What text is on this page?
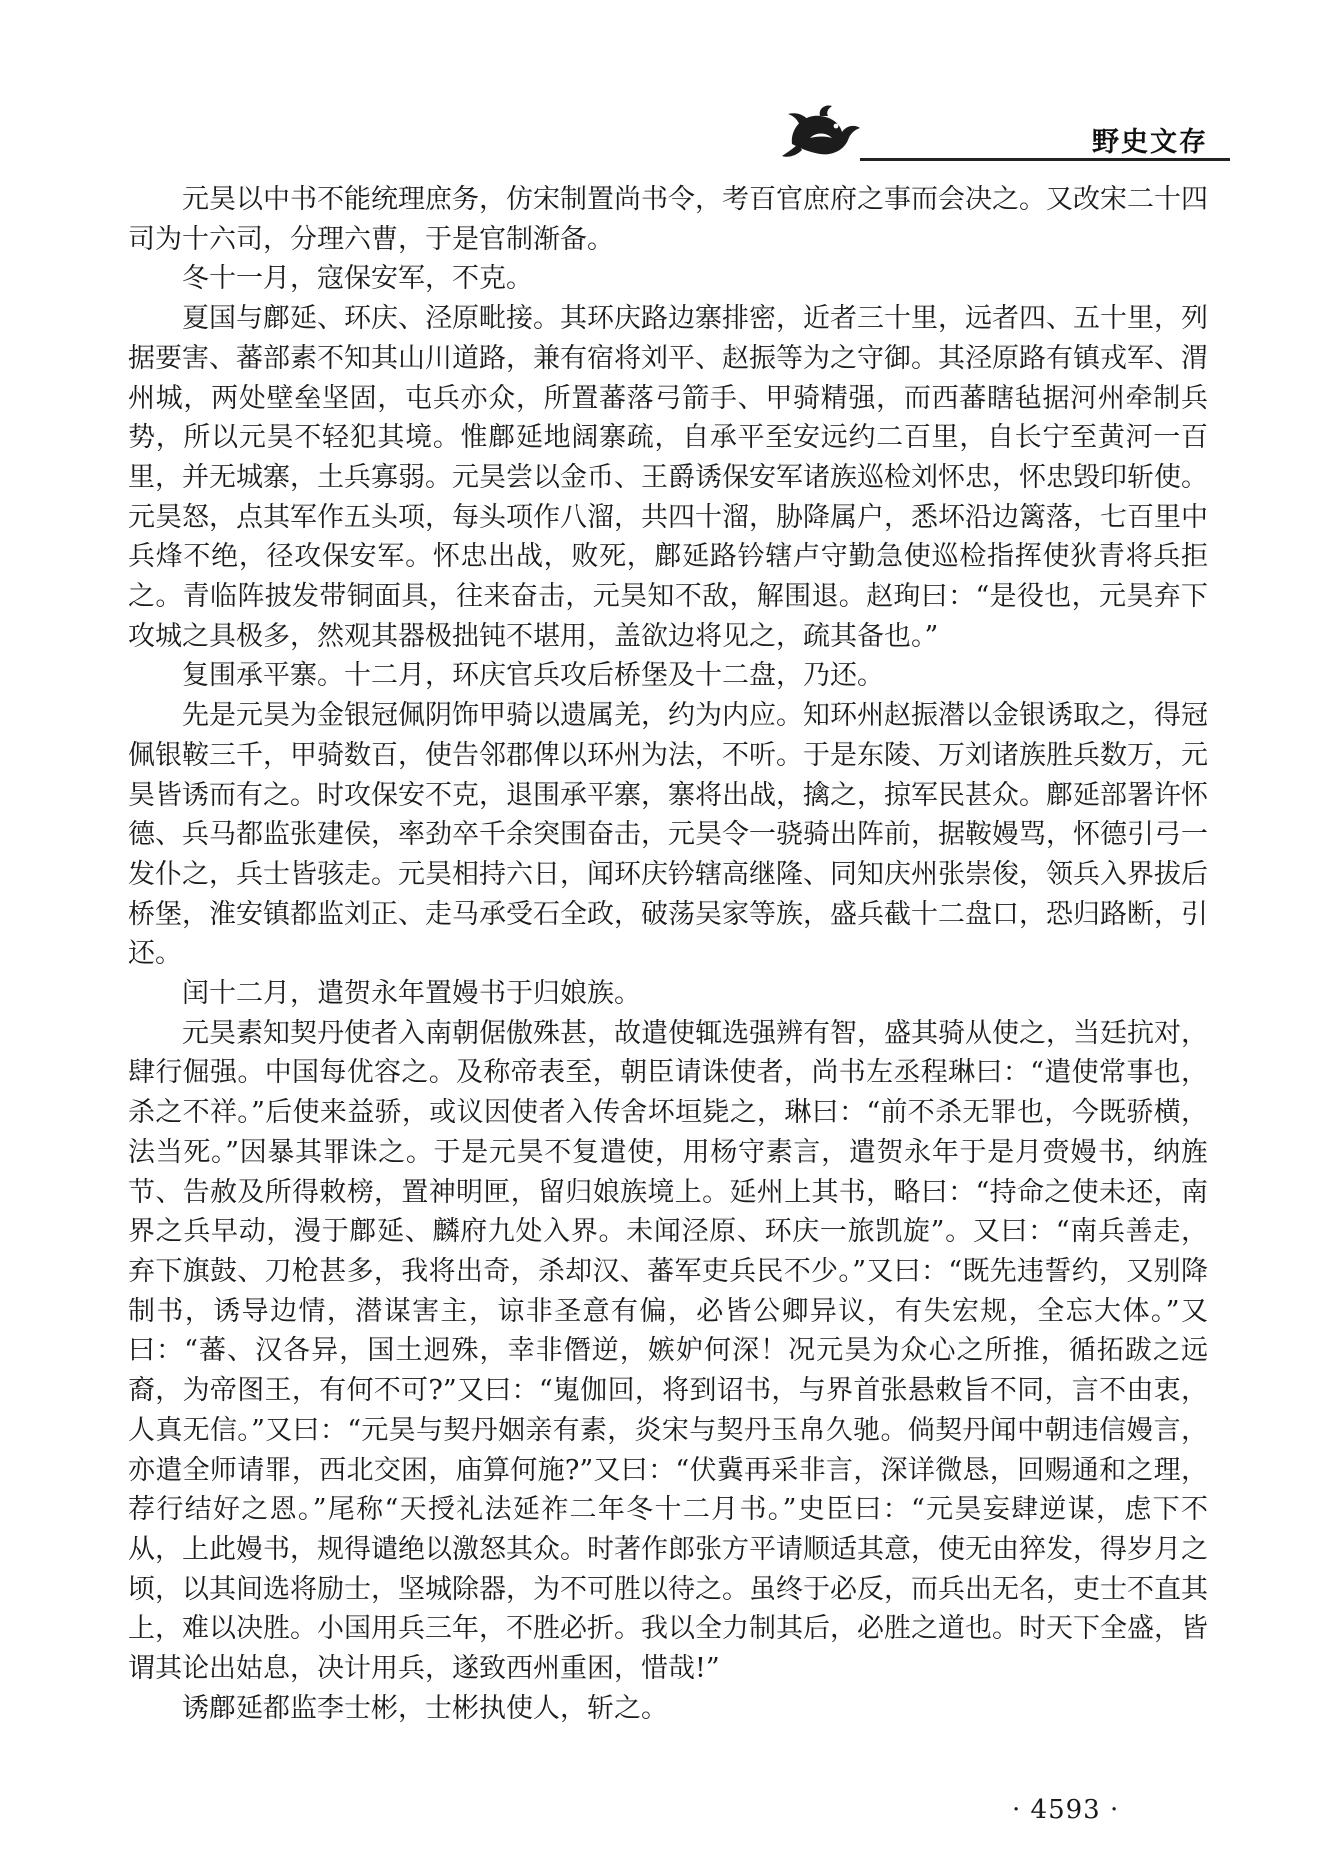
野史文存

元昊以中书不能统理庶务，仿宋制置尚书令，考百官庶府之事而会决之。又改宋二十四司为十六司，分理六曹，于是官制渐备。

冬十一月，寇保安军，不克。

夏国与鄜延、环庆、泾原毗接。其环庆路边寨排密，近者三十里，远者四、五十里，列据要害、蕃部素不知其山川道路，兼有宿将刘平、赵振等为之守御。其泾原路有镇戎军、渭州城，两处壁垒坚固，屯兵亦众，所置蕃落弓箭手、甲骑精强，而西蕃瞎毡据河州牵制兵势，所以元昊不轻犯其境。惟鄜延地阔寨疏，自承平至安远约二百里，自长宁至黄河一百里，并无城寨，土兵寡弱。元昊尝以金币、王爵诱保安军诸族巡检刘怀忠，怀忠毁印斩使。元昊怒，点其军作五头项，每头项作八溜，共四十溜，胁降属户，悉坏沿边篱落，七百里中兵烽不绝，径攻保安军。怀忠出战，败死，鄜延路钤辖卢守勤急使巡检指挥使狄青将兵拒之。青临阵披发带铜面具，往来奋击，元昊知不敌，解围退。赵珣曰：“是役也，元昊弃下攻城之具极多，然观其器极拙钝不堪用，盖欲边将见之，疏其备也。”

复围承平寨。十二月，环庆官兵攻后桥堡及十二盘，乃还。

先是元昊为金银冠佩阴饰甲骑以遗属羌，约为内应。知环州赵振潜以金银诱取之，得冠佩银鞍三千，甲骑数百，使告邻郡俾以环州为法，不听。于是东陵、万刘诸族胜兵数万，元昊皆诱而有之。时攻保安不克，退围承平寨，寨将出战，擒之，掠军民甚众。鄜延部署许怀德、兵马都监张建侯，率劲卒千余突围奋击，元昊令一骁骑出阵前，据鞍嫚骂，怀德引弓一发仆之，兵士皆骇走。元昊相持六日，闻环庆钤辖高继隆、同知庆州张崇俊，领兵入界拔后桥堡，淮安镇都监刘正、走马承受石全政，破荡吴家等族，盛兵截十二盘口，恐归路断，引还。

闰十二月，遣贺永年置嫚书于归娘族。

元昊素知契丹使者入南朝倨傲殊甚，故遣使辄选强辨有智，盛其骑从使之，当廷抗对，肆行倔强。中国每优容之。及称帝表至，朝臣请诛使者，尚书左丞程琳曰：“遣使常事也，杀之不祥。”后使来益骄，或议因使者入传舍坏垣毙之，琳曰：“前不杀无罪也，今既骄横，法当死。”因暴其罪诛之。于是元昊不复遣使，用杨守素言，遣贺永年于是月赍嫚书，纳旌节、告赦及所得敕榜，置神明匣，留归娘族境上。延州上其书，略曰：“持命之使未还，南界之兵早动，漫于鄜延、麟府九处入界。未闻泾原、环庆一旅凯旋”。又曰：“南兵善走，弃下旗鼓、刀枪甚多，我将出奇，杀却汉、蕃军吏兵民不少。”又曰：“既先违誓约，又别降制书，诱导边情，潜谋害主，谅非圣意有偏，必皆公卿异议，有失宏规，全忘大体。”又曰：“蕃、汉各异，国土迥殊，幸非僭逆，嫉妒何深！况元昊为众心之所推，循拓跋之远裔，为帝图王，有何不可?”又曰：“嵬伽回，将到诏书，与界首张悬敕旨不同，言不由衷，人真无信。”又曰：“元昊与契丹姻亲有素，炎宋与契丹玉帛久驰。倘契丹闻中朝违信嫚言，亦遣全师请罪，西北交困，庙算何施?”又曰：“伏冀再采非言，深详微恳，回赐通和之理，荐行结好之恩。”尾称“天授礼法延祚二年冬十二月书。”史臣曰：“元昊妄肆逆谋，虑下不从，上此嫚书，规得谴绝以激怒其众。时著作郎张方平请顺适其意，使无由猝发，得岁月之顷，以其间选将励士，坚城除器，为不可胜以待之。虽终于必反，而兵出无名，吏士不直其上，难以决胜。小国用兵三年，不胜必折。我以全力制其后，必胜之道也。时天下全盛，皆谓其论出姑息，决计用兵，遂致西州重困，惜哉!”

诱鄜延都监李士彬，士彬执使人，斩之。

· 4593 ·
